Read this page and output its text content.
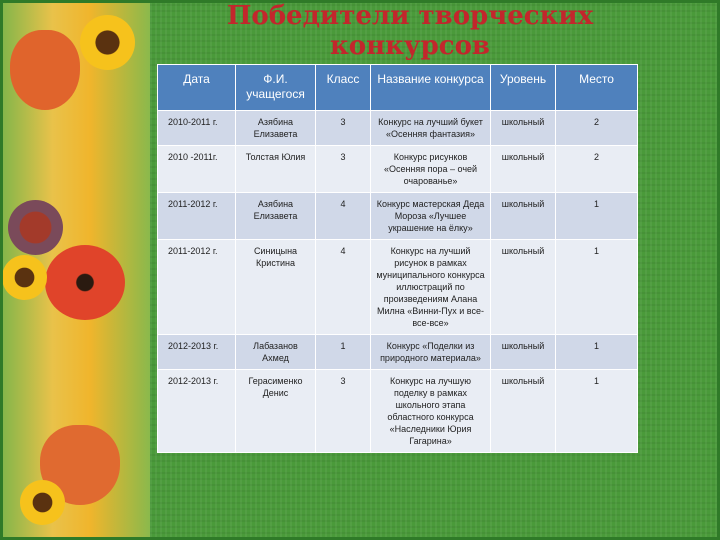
Победители творческих конкурсов
Дата	Ф.И. учащегося	Класс	Название конкурса	Уровень	Место
2010-2011 г.	Азябина Елизавета	3	Конкурс на лучший букет «Осенняя фантазия»	школьный	2
2010 -2011г.	Толстая Юлия	3	Конкурс рисунков «Осенняя пора – очей очарованье»	школьный	2
2011-2012 г.	Азябина Елизавета	4	Конкурс мастерская Деда Мороза «Лучшее украшение на ёлку»	школьный	1
2011-2012 г.	Синицына Кристина	4	Конкурс на лучший рисунок в рамках муниципального конкурса иллюстраций по произведениям Алана Милна «Винни-Пух и все-все-все»	школьный	1
2012-2013 г.	Лабазанов Ахмед	1	Конкурс «Поделки из природного материала»	школьный	1
2012-2013 г.	Герасименко Денис	3	Конкурс на лучшую поделку в рамках школьного этапа областного конкурса «Наследники Юрия Гагарина»	школьный	1
